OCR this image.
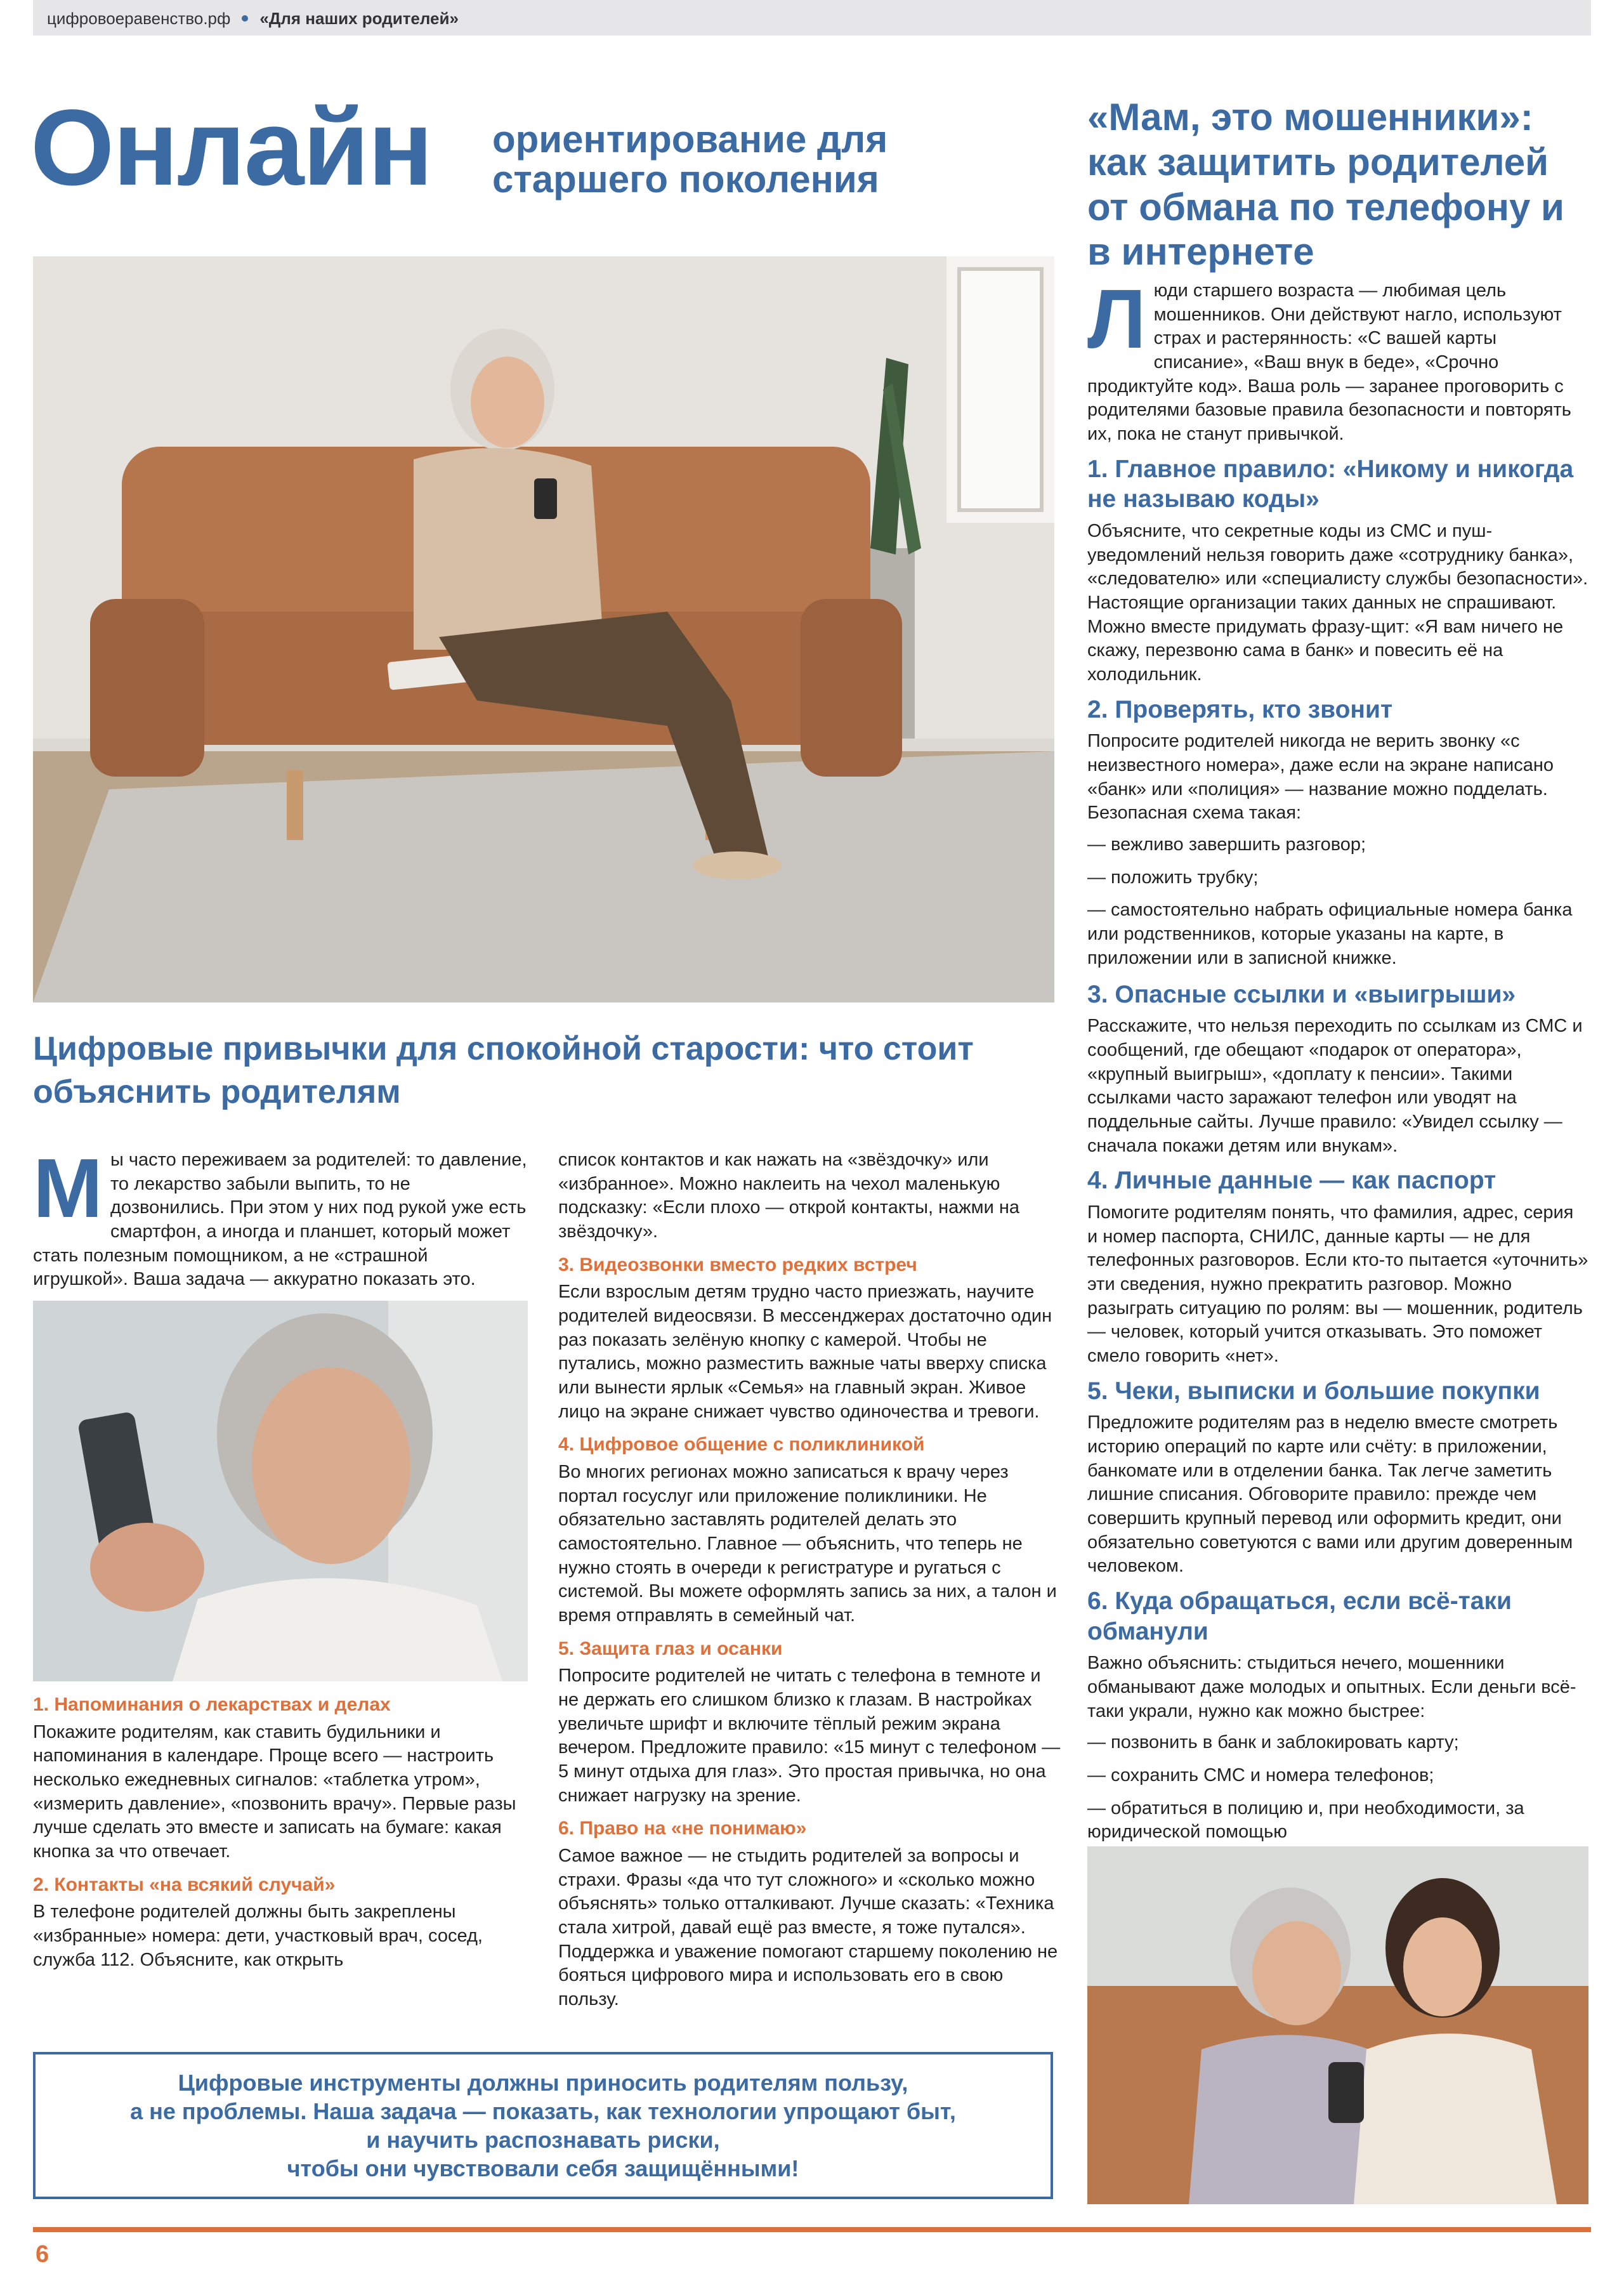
цифровоеравенство.рф «Для наших родителей»
Онлайн ориентирование для
старшего поколения
«Мам, это мошенники»: как защитить родителей от обмана по телефону и в интернете

Люди старшего возраста — любимая цель мошенников. Они действуют нагло, используют страх и растерянность: «С вашей карты списание», «Ваш внук в беде», «Срочно продиктуйте код». Ваша роль — заранее проговорить с родителями базовые правила безопасности и повторять их, пока не станут привычкой.

1. Главное правило: «Никому и никогда не называю коды»

Объясните, что секретные коды из СМС и пуш-уведомлений нельзя говорить даже «сотруднику банка», «следователю» или «специалисту службы безопасности». Настоящие организации таких данных не спрашивают. Можно вместе придумать фразу-щит: «Я вам ничего не скажу, перезвоню сама в банк» и повесить её на холодильник.

2. Проверять, кто звонит

Попросите родителей никогда не верить звонку «с неизвестного номера», даже если на экране написано «банк» или «полиция» — название можно подделать. Безопасная схема такая:

— вежливо завершить разговор;

— положить трубку;

— самостоятельно набрать официальные номера банка или родственников, которые указаны на карте, в приложении или в записной книжке.

3. Опасные ссылки и «выигрыши»

Расскажите, что нельзя переходить по ссылкам из СМС и сообщений, где обещают «подарок от оператора», «крупный выигрыш», «доплату к пенсии». Такими ссылками часто заражают телефон или уводят на поддельные сайты. Лучше правило: «Увидел ссылку — сначала покажи детям или внукам».

4. Личные данные — как паспорт

Помогите родителям понять, что фамилия, адрес, серия и номер паспорта, СНИЛС, данные карты — не для телефонных разговоров. Если кто-то пытается «уточнить» эти сведения, нужно прекратить разговор. Можно разыграть ситуацию по ролям: вы — мошенник, родитель — человек, который учится отказывать. Это поможет смело говорить «нет».

5. Чеки, выписки и большие покупки

Предложите родителям раз в неделю вместе смотреть историю операций по карте или счёту: в приложении, банкомате или в отделении банка. Так легче заметить лишние списания. Обговорите правило: прежде чем совершить крупный перевод или оформить кредит, они обязательно советуются с вами или другим доверенным человеком.

6. Куда обращаться, если всё-таки обманули

Важно объяснить: стыдиться нечего, мошенники обманывают даже молодых и опытных. Если деньги всё-таки украли, нужно как можно быстрее:

— позвонить в банк и заблокировать карту;

— сохранить СМС и номера телефонов;

— обратиться в полицию и, при необходимости, за юридической помощью

Цифровые привычки для спокойной старости: что стоит объяснить родителям

Мы часто переживаем за родителей: то давление, то лекарство забыли выпить, то не дозвонились. При этом у них под рукой уже есть смартфон, а иногда и планшет, который может стать полезным помощником, а не «страшной игрушкой». Ваша задача — аккуратно показать это.

1. Напоминания о лекарствах и делах

Покажите родителям, как ставить будильники и напоминания в календаре. Проще всего — настроить несколько ежедневных сигналов: «таблетка утром», «измерить давление», «позвонить врачу». Первые разы лучше сделать это вместе и записать на бумаге: какая кнопка за что отвечает.

2. Контакты «на всякий случай»

В телефоне родителей должны быть закреплены «избранные» номера: дети, участковый врач, сосед, служба 112. Объясните, как открыть

список контактов и как нажать на «звёздочку» или «избранное». Можно наклеить на чехол маленькую подсказку: «Если плохо — открой контакты, нажми на звёздочку».

3. Видеозвонки вместо редких встреч

Если взрослым детям трудно часто приезжать, научите родителей видеосвязи. В мессенджерах достаточно один раз показать зелёную кнопку с камерой. Чтобы не путались, можно разместить важные чаты вверху списка или вынести ярлык «Семья» на главный экран. Живое лицо на экране снижает чувство одиночества и тревоги.

4. Цифровое общение с поликлиникой

Во многих регионах можно записаться к врачу через портал госуслуг или приложение поликлиники. Не обязательно заставлять родителей делать это самостоятельно. Главное — объяснить, что теперь не нужно стоять в очереди к регистратуре и ругаться с системой. Вы можете оформлять запись за них, а талон и время отправлять в семейный чат.

5. Защита глаз и осанки

Попросите родителей не читать с телефона в темноте и не держать его слишком близко к глазам. В настройках увеличьте шрифт и включите тёплый режим экрана вечером. Предложите правило: «15 минут с телефоном — 5 минут отдыха для глаз». Это простая привычка, но она снижает нагрузку на зрение.

6. Право на «не понимаю»

Самое важное — не стыдить родителей за вопросы и страхи. Фразы «да что тут сложного» и «сколько можно объяснять» только отталкивают. Лучше сказать: «Техника стала хитрой, давай ещё раз вместе, я тоже путался». Поддержка и уважение помогают старшему поколению не бояться цифрового мира и использовать его в свою пользу.

Цифровые инструменты должны приносить родителям пользу,
а не проблемы. Наша задача — показать, как технологии упрощают быт,
и научить распознавать риски,
чтобы они чувствовали себя защищёнными!
6
